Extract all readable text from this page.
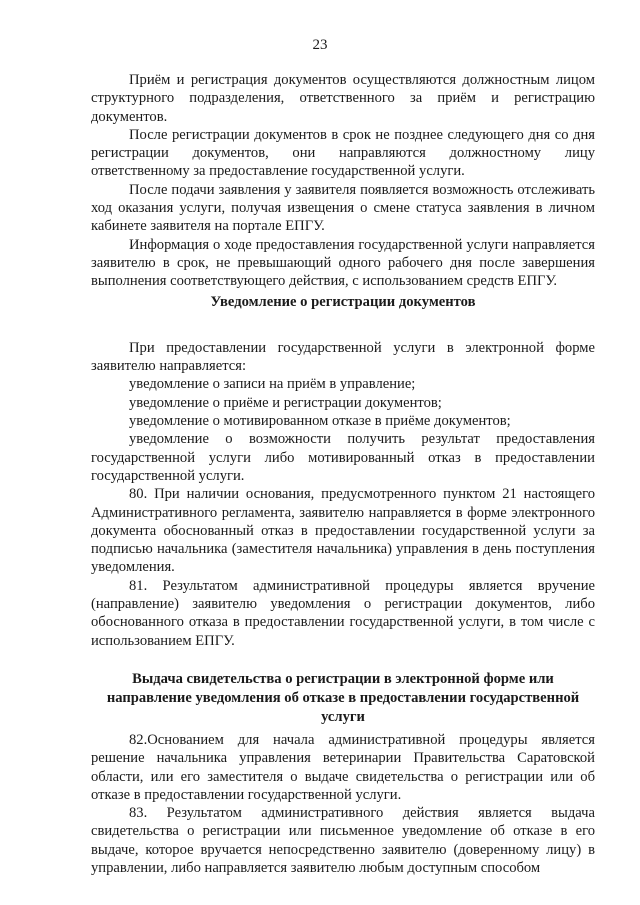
23

Приём и регистрация документов осуществляются должностным лицом структурного подразделения, ответственного за приём и регистрацию документов.

После регистрации документов в срок не позднее следующего дня со дня регистрации документов, они направляются должностному лицу ответственному за предоставление государственной услуги.

После подачи заявления у заявителя появляется возможность отслеживать ход оказания услуги, получая извещения о смене статуса заявления в личном кабинете заявителя на портале ЕПГУ.

Информация о ходе предоставления государственной услуги направляется заявителю в срок, не превышающий одного рабочего дня после завершения выполнения соответствующего действия, с использованием средств ЕПГУ.

Уведомление о регистрации документов

При предоставлении государственной услуги в электронной форме заявителю направляется:

уведомление о записи на приём в управление;

уведомление о приёме и регистрации документов;

уведомление о мотивированном отказе в приёме документов;

уведомление о возможности получить результат предоставления государственной услуги либо мотивированный отказ в предоставлении государственной услуги.

80. При наличии основания, предусмотренного пунктом 21 настоящего Административного регламента, заявителю направляется в форме электронного документа обоснованный отказ в предоставлении государственной услуги за подписью начальника (заместителя начальника) управления в день поступления уведомления.

81. Результатом административной процедуры является вручение (направление) заявителю уведомления о регистрации документов, либо обоснованного отказа в предоставлении государственной услуги, в том числе с использованием ЕПГУ.

Выдача свидетельства о регистрации в электронной форме или направление уведомления об отказе в предоставлении государственной услуги

82.Основанием для начала административной процедуры является решение начальника управления ветеринарии Правительства Саратовской области, или его заместителя о выдаче свидетельства о регистрации или об отказе в предоставлении государственной услуги.

83. Результатом административного действия является выдача свидетельства о регистрации или письменное уведомление об отказе в его выдаче, которое вручается непосредственно заявителю (доверенному лицу) в управлении, либо направляется заявителю любым доступным способом
